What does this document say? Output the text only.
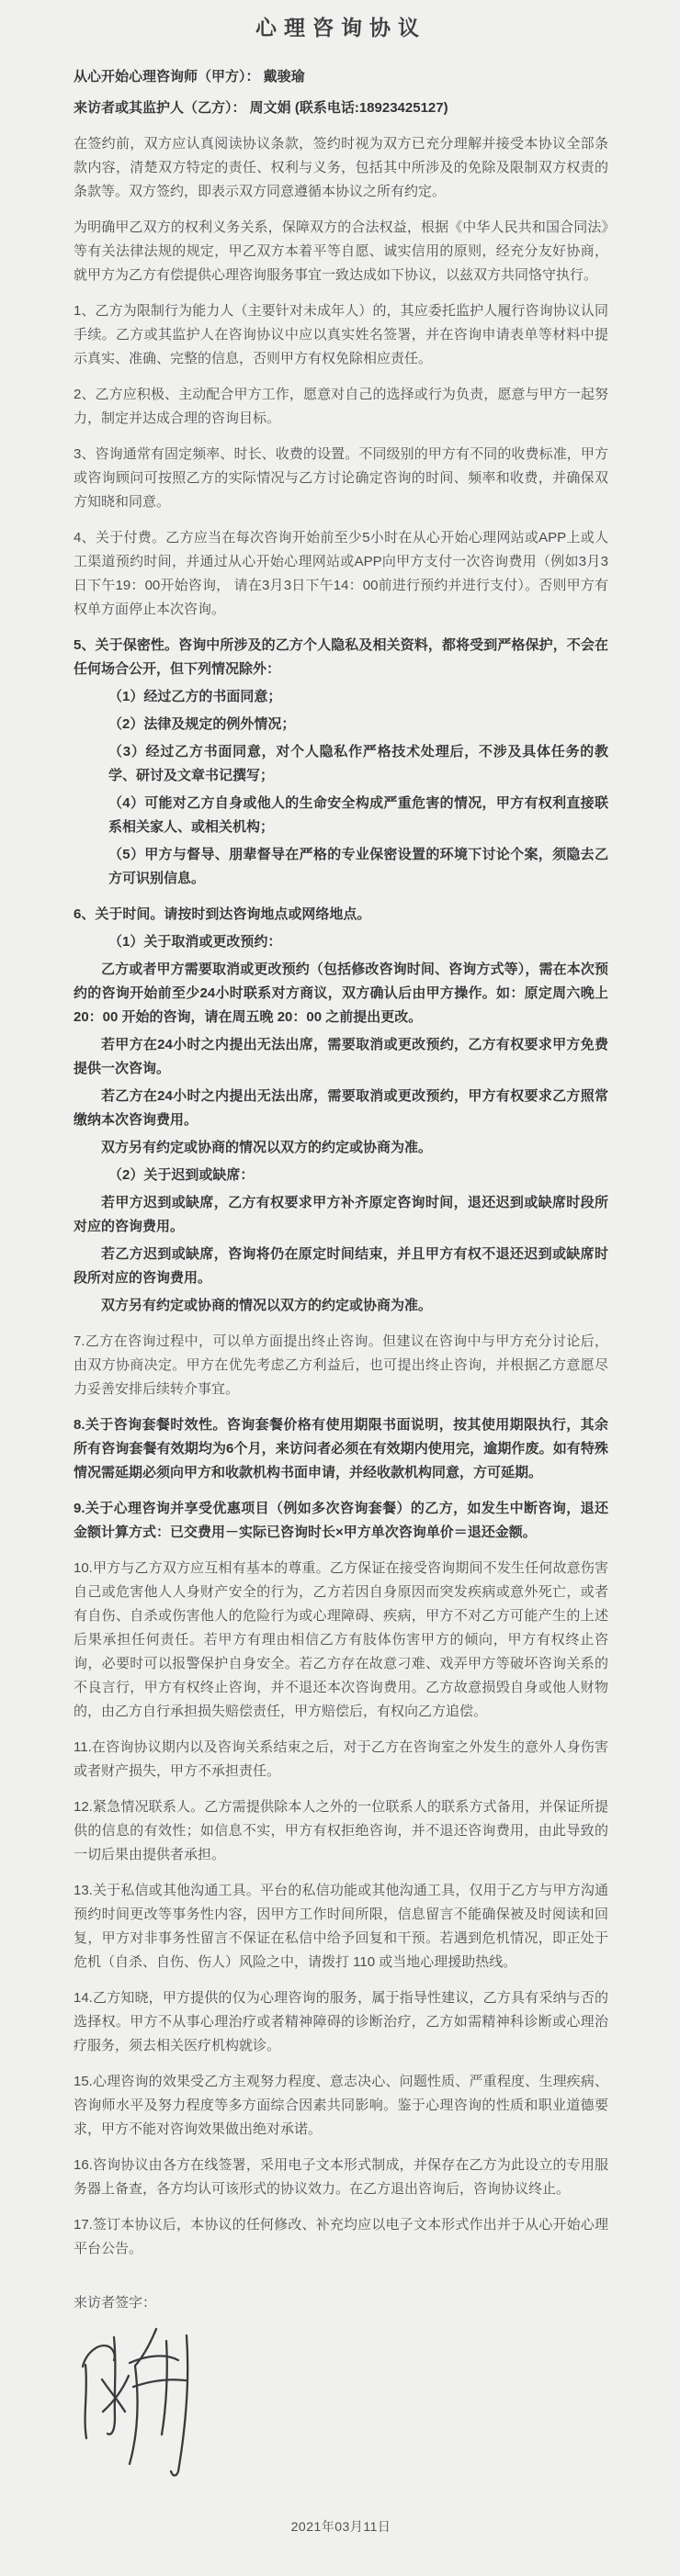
心理咨询协议

从心开始心理咨询师（甲方）： 戴骏瑜

来访者或其监护人（乙方）： 周文娟 (联系电话:18923425127)

在签约前，双方应认真阅读协议条款，签约时视为双方已充分理解并接受本协议全部条款内容，清楚双方特定的责任、权利与义务，包括其中所涉及的免除及限制双方权责的条款等。双方签约，即表示双方同意遵循本协议之所有约定。

为明确甲乙双方的权利义务关系，保障双方的合法权益，根据《中华人民共和国合同法》等有关法律法规的规定，甲乙双方本着平等自愿、诚实信用的原则，经充分友好协商，就甲方为乙方有偿提供心理咨询服务事宜一致达成如下协议，以兹双方共同恪守执行。

1、乙方为限制行为能力人（主要针对未成年人）的，其应委托监护人履行咨询协议认同手续。乙方或其监护人在咨询协议中应以真实姓名签署，并在咨询申请表单等材料中提示真实、准确、完整的信息，否则甲方有权免除相应责任。

2、乙方应积极、主动配合甲方工作，愿意对自己的选择或行为负责，愿意与甲方一起努力，制定并达成合理的咨询目标。

3、咨询通常有固定频率、时长、收费的设置。不同级别的甲方有不同的收费标准，甲方或咨询顾问可按照乙方的实际情况与乙方讨论确定咨询的时间、频率和收费，并确保双方知晓和同意。

4、关于付费。乙方应当在每次咨询开始前至少5小时在从心开始心理网站或APP上或人工渠道预约时间，并通过从心开始心理网站或APP向甲方支付一次咨询费用（例如3月3日下午19：00开始咨询， 请在3月3日下午14：00前进行预约并进行支付）。否则甲方有权单方面停止本次咨询。

5、关于保密性。咨询中所涉及的乙方个人隐私及相关资料，都将受到严格保护，不会在任何场合公开，但下列情况除外：

（1）经过乙方的书面同意；

（2）法律及规定的例外情况；

（3）经过乙方书面同意，对个人隐私作严格技术处理后，不涉及具体任务的教学、研讨及文章书记撰写；

（4）可能对乙方自身或他人的生命安全构成严重危害的情况，甲方有权利直接联系相关家人、或相关机构；

（5）甲方与督导、朋辈督导在严格的专业保密设置的环境下讨论个案，须隐去乙方可识别信息。

6、关于时间。请按时到达咨询地点或网络地点。

（1）关于取消或更改预约：

乙方或者甲方需要取消或更改预约（包括修改咨询时间、咨询方式等），需在本次预约的咨询开始前至少24小时联系对方商议，双方确认后由甲方操作。如：原定周六晚上 20：00 开始的咨询，请在周五晚 20：00 之前提出更改。

若甲方在24小时之内提出无法出席，需要取消或更改预约，乙方有权要求甲方免费提供一次咨询。

若乙方在24小时之内提出无法出席，需要取消或更改预约，甲方有权要求乙方照常缴纳本次咨询费用。

双方另有约定或协商的情况以双方的约定或协商为准。

（2）关于迟到或缺席：

若甲方迟到或缺席，乙方有权要求甲方补齐原定咨询时间，退还迟到或缺席时段所对应的咨询费用。

若乙方迟到或缺席，咨询将仍在原定时间结束，并且甲方有权不退还迟到或缺席时段所对应的咨询费用。

双方另有约定或协商的情况以双方的约定或协商为准。

7.乙方在咨询过程中，可以单方面提出终止咨询。但建议在咨询中与甲方充分讨论后，由双方协商决定。甲方在优先考虑乙方利益后，也可提出终止咨询，并根据乙方意愿尽力妥善安排后续转介事宜。

8.关于咨询套餐时效性。咨询套餐价格有使用期限书面说明，按其使用期限执行，其余所有咨询套餐有效期均为6个月，来访问者必须在有效期内使用完，逾期作废。如有特殊情况需延期必须向甲方和收款机构书面申请，并经收款机构同意，方可延期。

9.关于心理咨询并享受优惠项目（例如多次咨询套餐）的乙方，如发生中断咨询，退还金额计算方式：已交费用－实际已咨询时长×甲方单次咨询单价＝退还金额。

10.甲方与乙方双方应互相有基本的尊重。乙方保证在接受咨询期间不发生任何故意伤害自己或危害他人人身财产安全的行为，乙方若因自身原因而突发疾病或意外死亡，或者有自伤、自杀或伤害他人的危险行为或心理障碍、疾病，甲方不对乙方可能产生的上述后果承担任何责任。若甲方有理由相信乙方有肢体伤害甲方的倾向，甲方有权终止咨询，必要时可以报警保护自身安全。若乙方存在故意刁难、戏弄甲方等破坏咨询关系的不良言行，甲方有权终止咨询，并不退还本次咨询费用。乙方故意损毁自身或他人财物的，由乙方自行承担损失赔偿责任，甲方赔偿后，有权向乙方追偿。

11.在咨询协议期内以及咨询关系结束之后，对于乙方在咨询室之外发生的意外人身伤害或者财产损失，甲方不承担责任。

12.紧急情况联系人。乙方需提供除本人之外的一位联系人的联系方式备用，并保证所提供的信息的有效性；如信息不实，甲方有权拒绝咨询，并不退还咨询费用，由此导致的一切后果由提供者承担。

13.关于私信或其他沟通工具。平台的私信功能或其他沟通工具，仅用于乙方与甲方沟通预约时间更改等事务性内容，因甲方工作时间所限，信息留言不能确保被及时阅读和回复，甲方对非事务性留言不保证在私信中给予回复和干预。若遇到危机情况，即正处于危机（自杀、自伤、伤人）风险之中，请拨打 110 或当地心理援助热线。

14.乙方知晓，甲方提供的仅为心理咨询的服务，属于指导性建议，乙方具有采纳与否的选择权。甲方不从事心理治疗或者精神障碍的诊断治疗，乙方如需精神科诊断或心理治疗服务，须去相关医疗机构就诊。

15.心理咨询的效果受乙方主观努力程度、意志决心、问题性质、严重程度、生理疾病、咨询师水平及努力程度等多方面综合因素共同影响。鉴于心理咨询的性质和职业道德要求，甲方不能对咨询效果做出绝对承诺。

16.咨询协议由各方在线签署，采用电子文本形式制成，并保存在乙方为此设立的专用服务器上备查，各方均认可该形式的协议效力。在乙方退出咨询后，咨询协议终止。

17.签订本协议后，本协议的任何修改、补充均应以电子文本形式作出并于从心开始心理平台公告。

来访者签字：

2021年03月11日
